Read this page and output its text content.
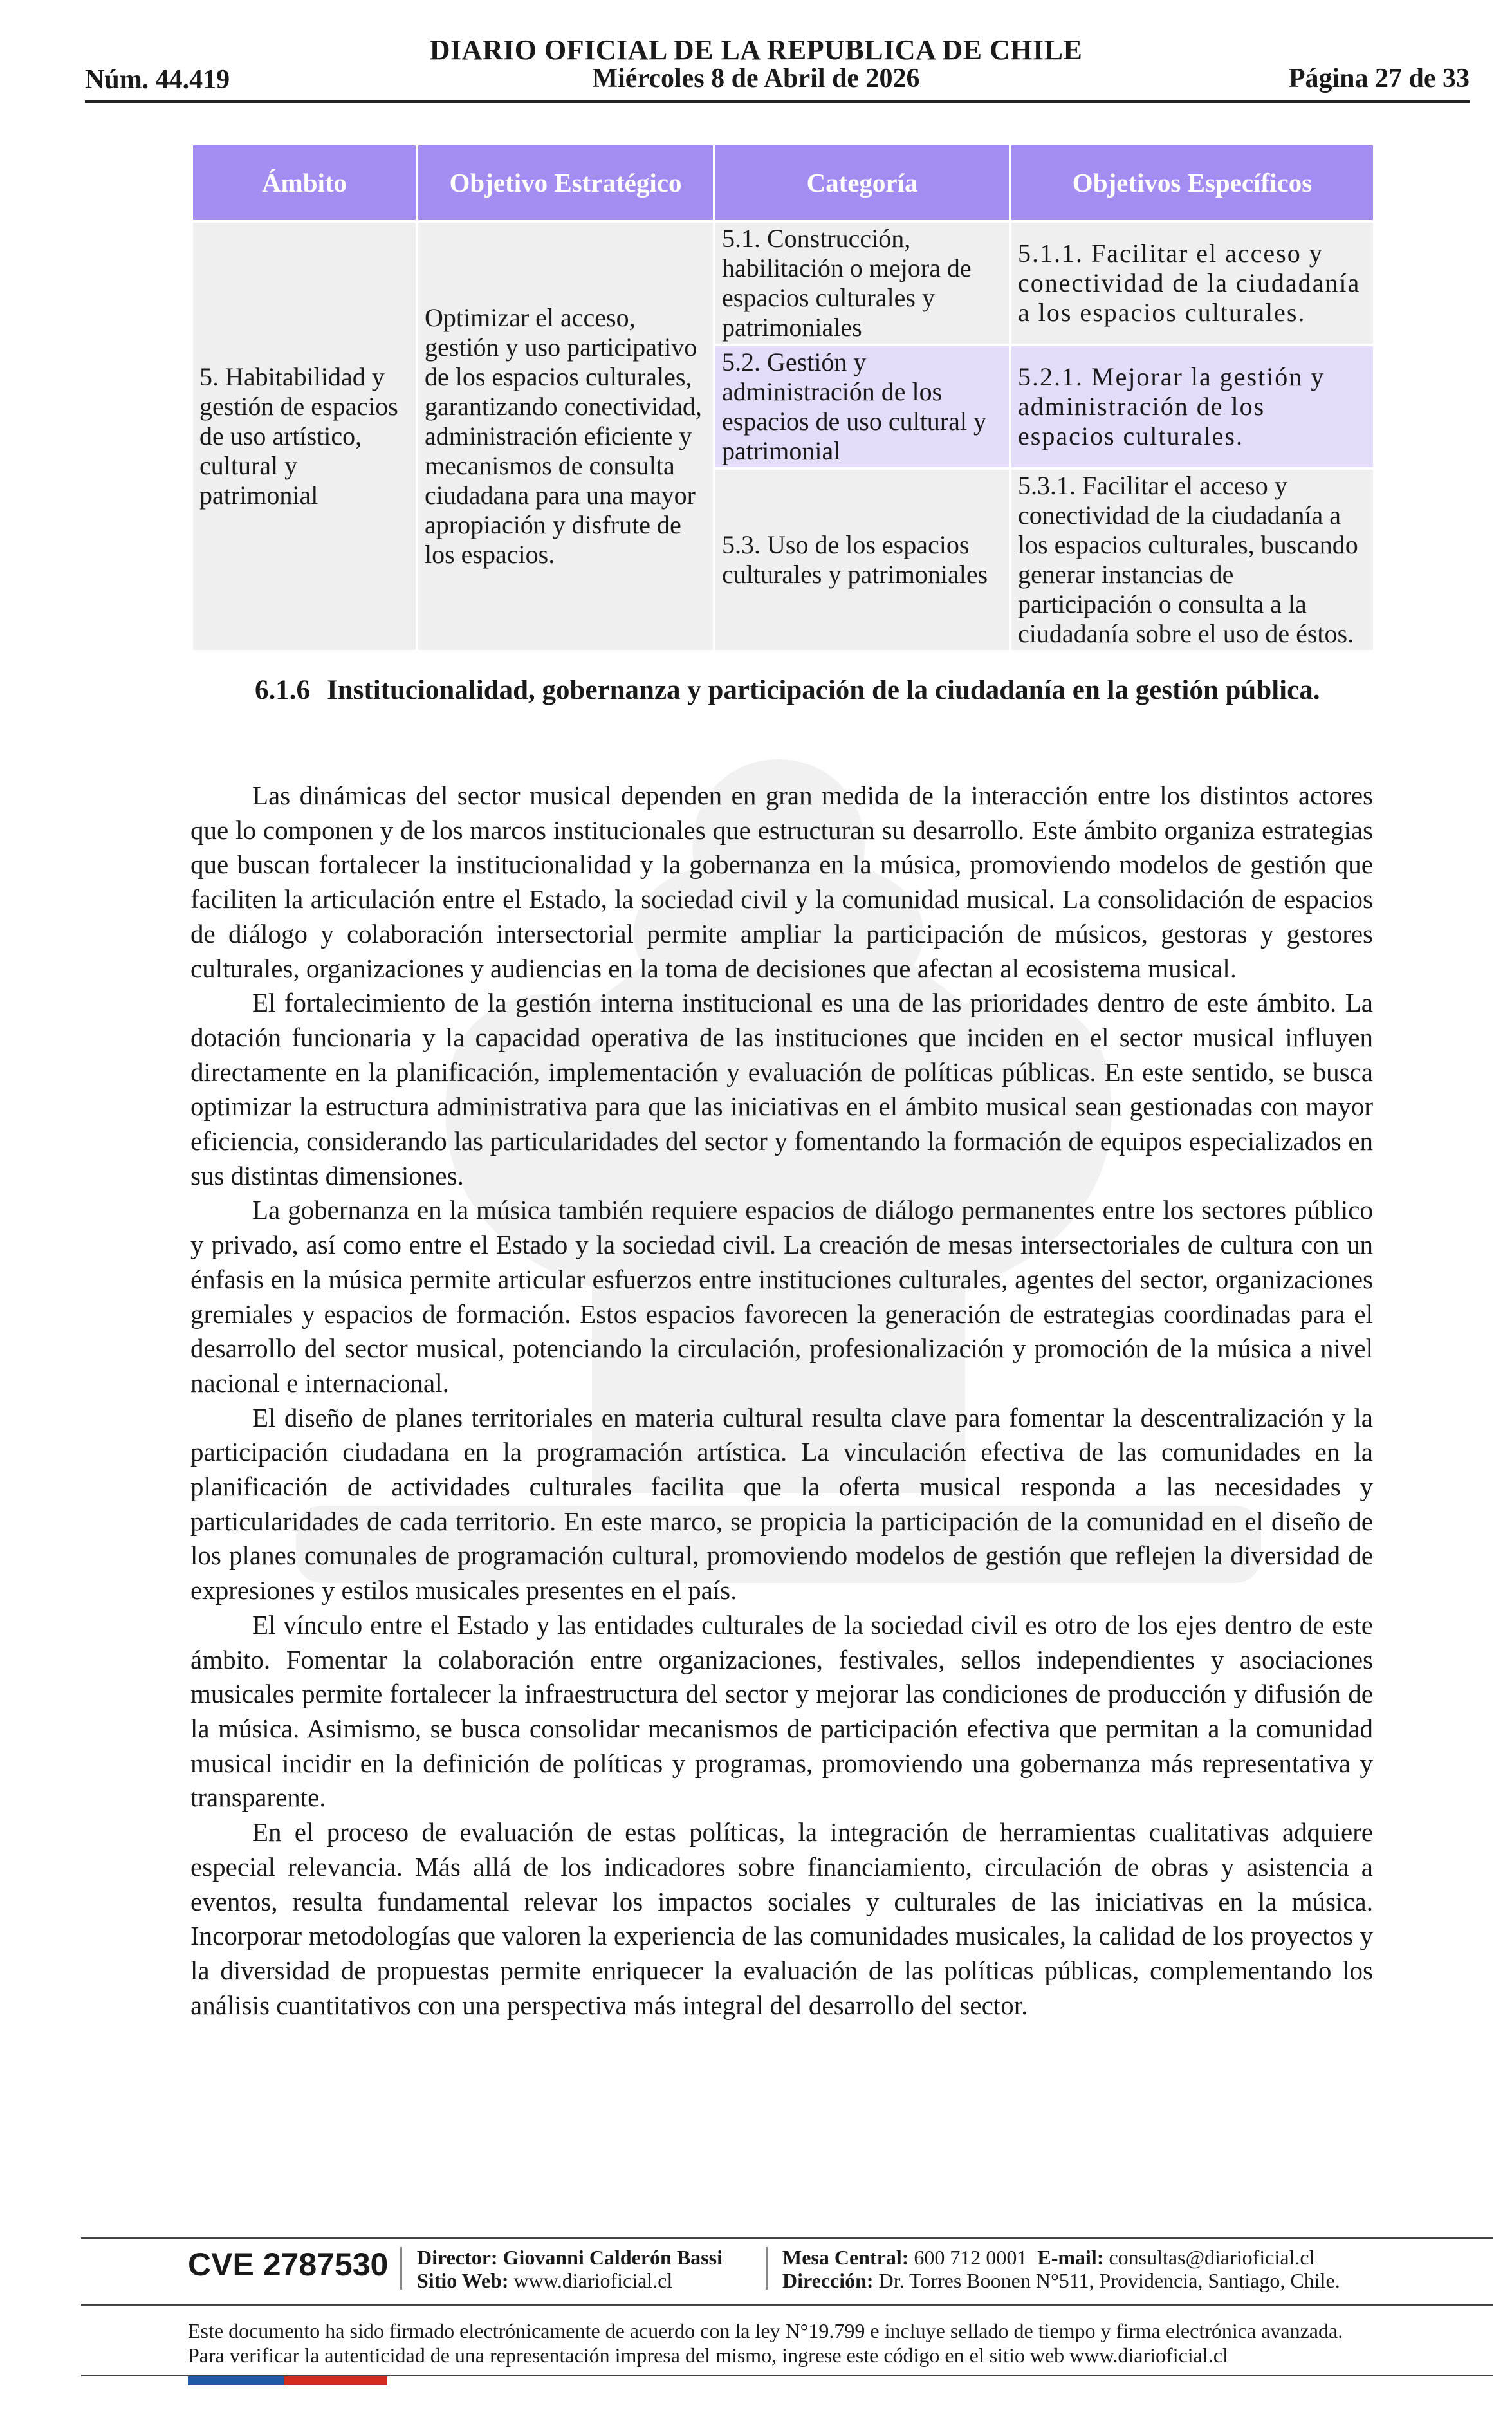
DIARIO OFICIAL DE LA REPUBLICA DE CHILE
Núm. 44.419	Miércoles 8 de Abril de 2026	Página 27 de 33
Ámbito	Objetivo Estratégico	Categoría	Objetivos Específicos
5. Habitabilidad y gestión de espacios de uso artístico, cultural y patrimonial	Optimizar el acceso, gestión y uso participativo de los espacios culturales, garantizando conectividad, administración eficiente y mecanismos de consulta ciudadana para una mayor apropiación y disfrute de los espacios.	5.1. Construcción, habilitación o mejora de espacios culturales y patrimoniales	5.1.1. Facilitar el acceso y conectividad de la ciudadanía a los espacios culturales.
		5.2. Gestión y administración de los espacios de uso cultural y patrimonial	5.2.1. Mejorar la gestión y administración de los espacios culturales.
		5.3. Uso de los espacios culturales y patrimoniales	5.3.1. Facilitar el acceso y conectividad de la ciudadanía a los espacios culturales, buscando generar instancias de participación o consulta a la ciudadanía sobre el uso de éstos.
6.1.6 Institucionalidad, gobernanza y participación de la ciudadanía en la gestión pública.

Las dinámicas del sector musical dependen en gran medida de la interacción entre los distintos actores que lo componen y de los marcos institucionales que estructuran su desarrollo. Este ámbito organiza estrategias que buscan fortalecer la institucionalidad y la gobernanza en la música, promoviendo modelos de gestión que faciliten la articulación entre el Estado, la sociedad civil y la comunidad musical. La consolidación de espacios de diálogo y colaboración intersectorial permite ampliar la participación de músicos, gestoras y gestores culturales, organizaciones y audiencias en la toma de decisiones que afectan al ecosistema musical.

El fortalecimiento de la gestión interna institucional es una de las prioridades dentro de este ámbito. La dotación funcionaria y la capacidad operativa de las instituciones que inciden en el sector musical influyen directamente en la planificación, implementación y evaluación de políticas públicas. En este sentido, se busca optimizar la estructura administrativa para que las iniciativas en el ámbito musical sean gestionadas con mayor eficiencia, considerando las particularidades del sector y fomentando la formación de equipos especializados en sus distintas dimensiones.

La gobernanza en la música también requiere espacios de diálogo permanentes entre los sectores público y privado, así como entre el Estado y la sociedad civil. La creación de mesas intersectoriales de cultura con un énfasis en la música permite articular esfuerzos entre instituciones culturales, agentes del sector, organizaciones gremiales y espacios de formación. Estos espacios favorecen la generación de estrategias coordinadas para el desarrollo del sector musical, potenciando la circulación, profesionalización y promoción de la música a nivel nacional e internacional.

El diseño de planes territoriales en materia cultural resulta clave para fomentar la descentralización y la participación ciudadana en la programación artística. La vinculación efectiva de las comunidades en la planificación de actividades culturales facilita que la oferta musical responda a las necesidades y particularidades de cada territorio. En este marco, se propicia la participación de la comunidad en el diseño de los planes comunales de programación cultural, promoviendo modelos de gestión que reflejen la diversidad de expresiones y estilos musicales presentes en el país.

El vínculo entre el Estado y las entidades culturales de la sociedad civil es otro de los ejes dentro de este ámbito. Fomentar la colaboración entre organizaciones, festivales, sellos independientes y asociaciones musicales permite fortalecer la infraestructura del sector y mejorar las condiciones de producción y difusión de la música. Asimismo, se busca consolidar mecanismos de participación efectiva que permitan a la comunidad musical incidir en la definición de políticas y programas, promoviendo una gobernanza más representativa y transparente.

En el proceso de evaluación de estas políticas, la integración de herramientas cualitativas adquiere especial relevancia. Más allá de los indicadores sobre financiamiento, circulación de obras y asistencia a eventos, resulta fundamental relevar los impactos sociales y culturales de las iniciativas en la música. Incorporar metodologías que valoren la experiencia de las comunidades musicales, la calidad de los proyectos y la diversidad de propuestas permite enriquecer la evaluación de las políticas públicas, complementando los análisis cuantitativos con una perspectiva más integral del desarrollo del sector.

CVE 2787530 Director: Giovanni Calderón Bassi
Sitio Web: www.diarioficial.cl
Mesa Central: 600 712 0001 E-mail: consultas@diarioficial.cl
Dirección: Dr. Torres Boonen N°511, Providencia, Santiago, Chile.
Este documento ha sido firmado electrónicamente de acuerdo con la ley N°19.799 e incluye sellado de tiempo y firma electrónica avanzada. Para verificar la autenticidad de una representación impresa del mismo, ingrese este código en el sitio web www.diarioficial.cl
